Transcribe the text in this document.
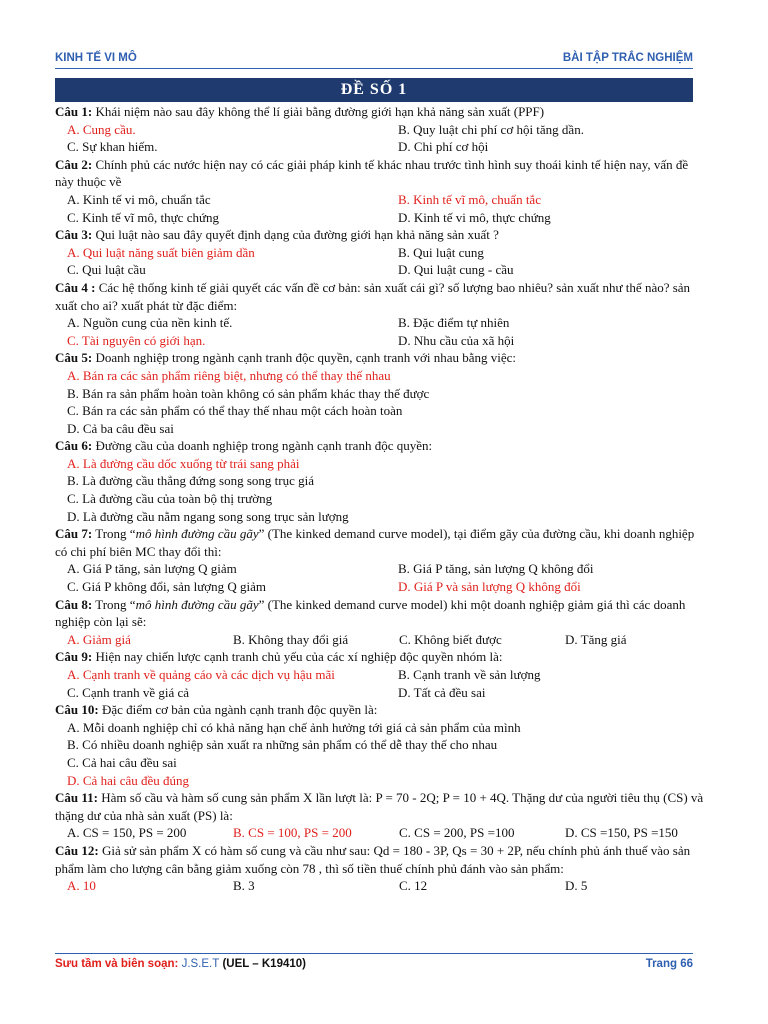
KINH TẾ VI MÔ	BÀI TẬP TRẮC NGHIỆM
ĐỀ SỐ 1

Câu 1: Khái niệm nào sau đây không thể lí giải bằng đường giới hạn khả năng sản xuất (PPF)

A. Cung cầu.	B. Quy luật chi phí cơ hội tăng dần.
C. Sự khan hiếm.	D. Chi phí cơ hội

Câu 2: Chính phủ các nước hiện nay có các giải pháp kinh tế khác nhau trước tình hình suy thoái kinh tế hiện nay, vấn đề này thuộc về

A. Kinh tế vi mô, chuẩn tắc	B. Kinh tế vĩ mô, chuẩn tắc
C. Kinh tế vĩ mô, thực chứng	D. Kinh tế vi mô, thực chứng

Câu 3: Qui luật nào sau đây quyết định dạng của đường giới hạn khả năng sản xuất ?

A. Qui luật năng suất biên giảm dần	B. Qui luật cung
C. Qui luật cầu	D. Qui luật cung - cầu

Câu 4 : Các hệ thống kinh tế giải quyết các vấn đề cơ bản: sản xuất cái gì? số lượng bao nhiêu? sản xuất như thế nào? sản xuất cho ai? xuất phát từ đặc điểm:

A. Nguồn cung của nền kinh tế.	B. Đặc điểm tự nhiên
C. Tài nguyên có giới hạn.	D. Nhu cầu của xã hội

Câu 5: Doanh nghiệp trong ngành cạnh tranh độc quyền, cạnh tranh với nhau bằng việc:

A. Bán ra các sản phẩm riêng biệt, nhưng có thể thay thế nhau
B. Bán ra sản phẩm hoàn toàn không có sản phẩm khác thay thế được
C. Bán ra các sản phẩm có thể thay thế nhau một cách hoàn toàn
D. Cả ba câu đều sai

Câu 6: Đường cầu của doanh nghiệp trong ngành cạnh tranh độc quyền:

A. Là đường cầu dốc xuống từ trái sang phải
B. Là đường cầu thẳng đứng song song trục giá
C. Là đường cầu của toàn bộ thị trường
D. Là đường cầu nằm ngang song song trục sản lượng

Câu 7: Trong “mô hình đường cầu gãy” (The kinked demand curve model), tại điểm gãy của đường cầu, khi doanh nghiệp có chi phí biên MC thay đổi thì:

A. Giá P tăng, sản lượng Q giảm	B. Giá P tăng, sản lượng Q không đổi
C. Giá P không đổi, sản lượng Q giảm	D. Giá P và sản lượng Q không đổi

Câu 8: Trong “mô hình đường cầu gãy” (The kinked demand curve model) khi một doanh nghiệp giảm giá thì các doanh nghiệp còn lại sẽ:

A. Giảm giá	B. Không thay đổi giá	C. Không biết được	D. Tăng giá

Câu 9: Hiện nay chiến lược cạnh tranh chủ yếu của các xí nghiệp độc quyền nhóm là:

A. Cạnh tranh về quảng cáo và các dịch vụ hậu mãi	B. Cạnh tranh về sản lượng
C. Cạnh tranh về giá cả	D. Tất cả đều sai

Câu 10: Đặc điểm cơ bản của ngành cạnh tranh độc quyền là:

A. Mỗi doanh nghiệp chỉ có khả năng hạn chế ảnh hưởng tới giá cả sản phẩm của mình
B. Có nhiều doanh nghiệp sản xuất ra những sản phẩm có thể dễ thay thế cho nhau
C. Cả hai câu đều sai
D. Cả hai câu đều đúng

Câu 11: Hàm số cầu và hàm số cung sản phẩm X lần lượt là: P = 70 - 2Q; P = 10 + 4Q. Thặng dư của người tiêu thụ (CS) và thặng dư của nhà sản xuất (PS) là:

A. CS = 150, PS = 200	B. CS = 100, PS = 200	C. CS = 200, PS =100	D. CS =150, PS =150

Câu 12: Giả sử sản phẩm X có hàm số cung và cầu như sau: Qd = 180 - 3P, Qs = 30 + 2P, nếu chính phủ ánh thuế vào sản phẩm làm cho lượng cân bằng giảm xuống còn 78 , thì số tiền thuế chính phủ đánh vào sản phẩm:

A. 10	B. 3	C. 12	D. 5
Sưu tầm và biên soạn: J.S.E.T (UEL – K19410)	Trang 66
